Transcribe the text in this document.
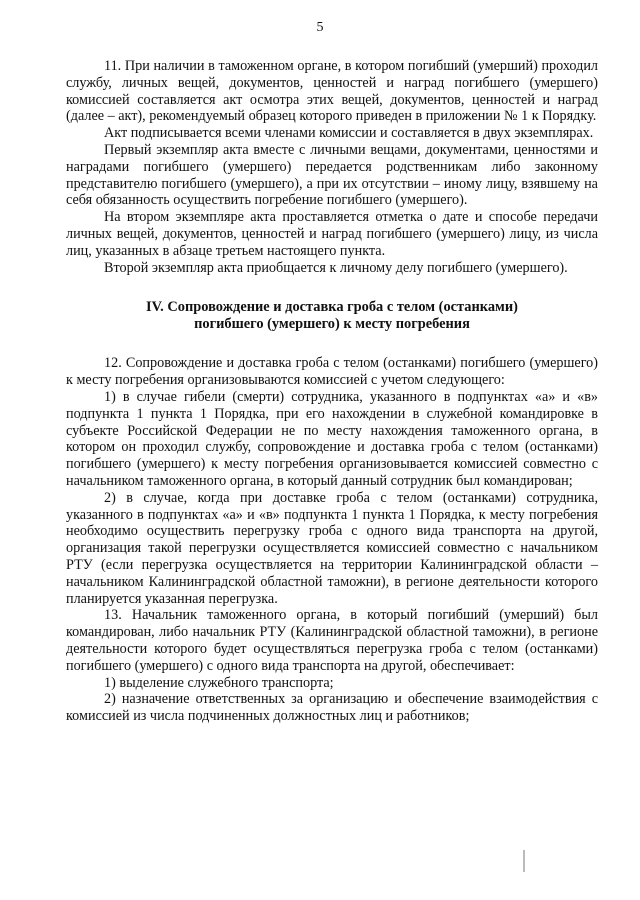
5

11. При наличии в таможенном органе, в котором погибший (умерший) проходил службу, личных вещей, документов, ценностей и наград погибшего (умершего) комиссией составляется акт осмотра этих вещей, документов, ценностей и наград (далее – акт), рекомендуемый образец которого приведен в приложении № 1 к Порядку.

Акт подписывается всеми членами комиссии и составляется в двух экземплярах.

Первый экземпляр акта вместе с личными вещами, документами, ценностями и наградами погибшего (умершего) передается родственникам либо законному представителю погибшего (умершего), а при их отсутствии – иному лицу, взявшему на себя обязанность осуществить погребение погибшего (умершего).

На втором экземпляре акта проставляется отметка о дате и способе передачи личных вещей, документов, ценностей и наград погибшего (умершего) лицу, из числа лиц, указанных в абзаце третьем настоящего пункта.

Второй экземпляр акта приобщается к личному делу погибшего (умершего).

IV. Сопровождение и доставка гроба с телом (останками)
погибшего (умершего) к месту погребения

12. Сопровождение и доставка гроба с телом (останками) погибшего (умершего) к месту погребения организовываются комиссией с учетом следующего:

1) в случае гибели (смерти) сотрудника, указанного в подпунктах «а» и «в» подпункта 1 пункта 1 Порядка, при его нахождении в служебной командировке в субъекте Российской Федерации не по месту нахождения таможенного органа, в котором он проходил службу, сопровождение и доставка гроба с телом (останками) погибшего (умершего) к месту погребения организовывается комиссией совместно с начальником таможенного органа, в который данный сотрудник был командирован;

2) в случае, когда при доставке гроба с телом (останками) сотрудника, указанного в подпунктах «а» и «в» подпункта 1 пункта 1 Порядка, к месту погребения необходимо осуществить перегрузку гроба с одного вида транспорта на другой, организация такой перегрузки осуществляется комиссией совместно с начальником РТУ (если перегрузка осуществляется на территории Калининградской области – начальником Калининградской областной таможни), в регионе деятельности которого планируется указанная перегрузка.

13. Начальник таможенного органа, в который погибший (умерший) был командирован, либо начальник РТУ (Калининградской областной таможни), в регионе деятельности которого будет осуществляться перегрузка гроба с телом (останками) погибшего (умершего) с одного вида транспорта на другой, обеспечивает:

1) выделение служебного транспорта;

2) назначение ответственных за организацию и обеспечение взаимодействия с комиссией из числа подчиненных должностных лиц и работников;
